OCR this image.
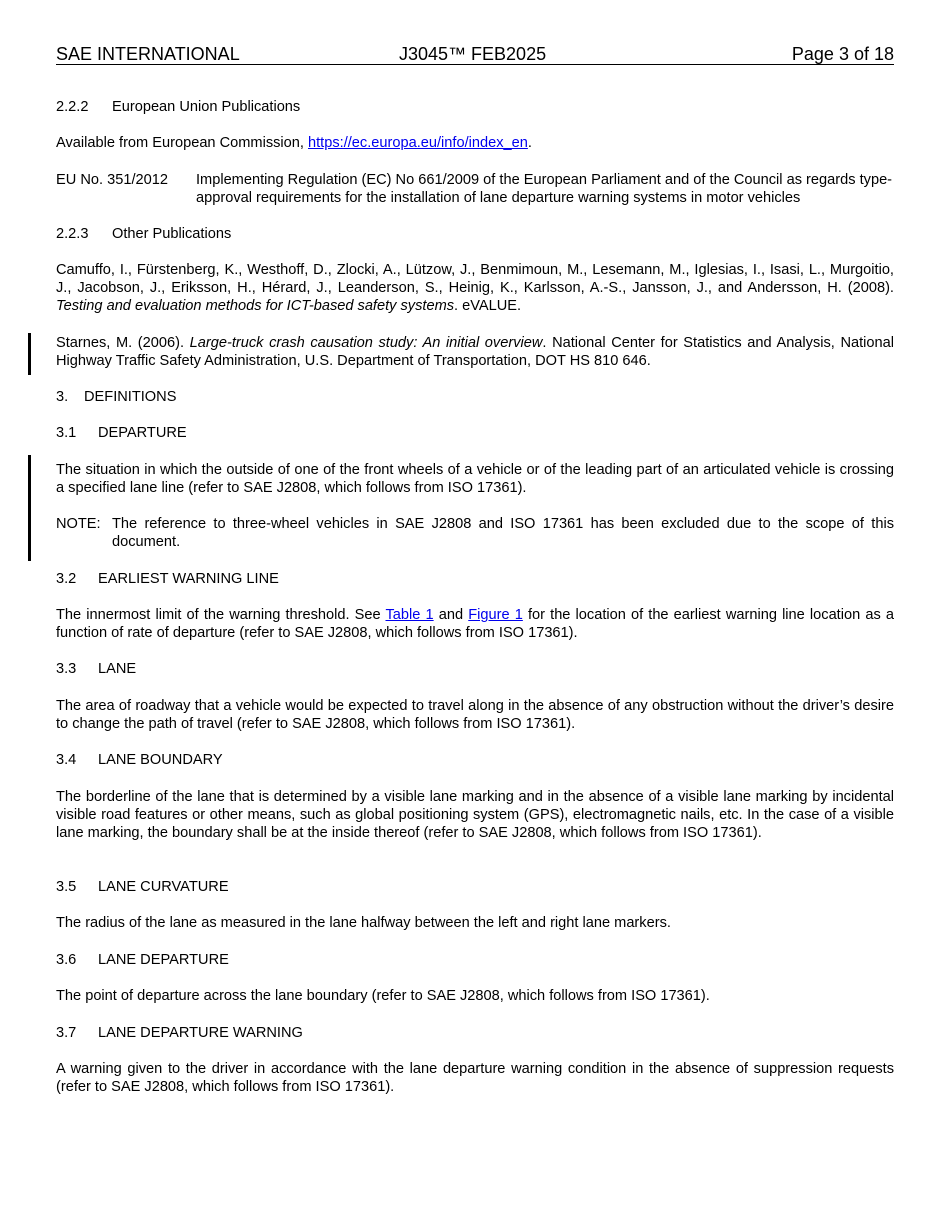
SAE INTERNATIONAL	J3045™ FEB2025	Page 3 of 18
2.2.2 European Union Publications
Available from European Commission, https://ec.europa.eu/info/index_en.
EU No. 351/2012 Implementing Regulation (EC) No 661/2009 of the European Parliament and of the Council as regards type-approval requirements for the installation of lane departure warning systems in motor vehicles
2.2.3 Other Publications
Camuffo, I., Fürstenberg, K., Westhoff, D., Zlocki, A., Lützow, J., Benmimoun, M., Lesemann, M., Iglesias, I., Isasi, L., Murgoitio, J., Jacobson, J., Eriksson, H., Hérard, J., Leanderson, S., Heinig, K., Karlsson, A.-S., Jansson, J., and Andersson, H. (2008). Testing and evaluation methods for ICT-based safety systems. eVALUE.
Starnes, M. (2006). Large-truck crash causation study: An initial overview. National Center for Statistics and Analysis, National Highway Traffic Safety Administration, U.S. Department of Transportation, DOT HS 810 646.
3. DEFINITIONS
3.1 DEPARTURE
The situation in which the outside of one of the front wheels of a vehicle or of the leading part of an articulated vehicle is crossing a specified lane line (refer to SAE J2808, which follows from ISO 17361).
NOTE: The reference to three-wheel vehicles in SAE J2808 and ISO 17361 has been excluded due to the scope of this document.
3.2 EARLIEST WARNING LINE
The innermost limit of the warning threshold. See Table 1 and Figure 1 for the location of the earliest warning line location as a function of rate of departure (refer to SAE J2808, which follows from ISO 17361).
3.3 LANE
The area of roadway that a vehicle would be expected to travel along in the absence of any obstruction without the driver’s desire to change the path of travel (refer to SAE J2808, which follows from ISO 17361).
3.4 LANE BOUNDARY
The borderline of the lane that is determined by a visible lane marking and in the absence of a visible lane marking by incidental visible road features or other means, such as global positioning system (GPS), electromagnetic nails, etc. In the case of a visible lane marking, the boundary shall be at the inside thereof (refer to SAE J2808, which follows from ISO 17361).
3.5 LANE CURVATURE
The radius of the lane as measured in the lane halfway between the left and right lane markers.
3.6 LANE DEPARTURE
The point of departure across the lane boundary (refer to SAE J2808, which follows from ISO 17361).
3.7 LANE DEPARTURE WARNING
A warning given to the driver in accordance with the lane departure warning condition in the absence of suppression requests (refer to SAE J2808, which follows from ISO 17361).
